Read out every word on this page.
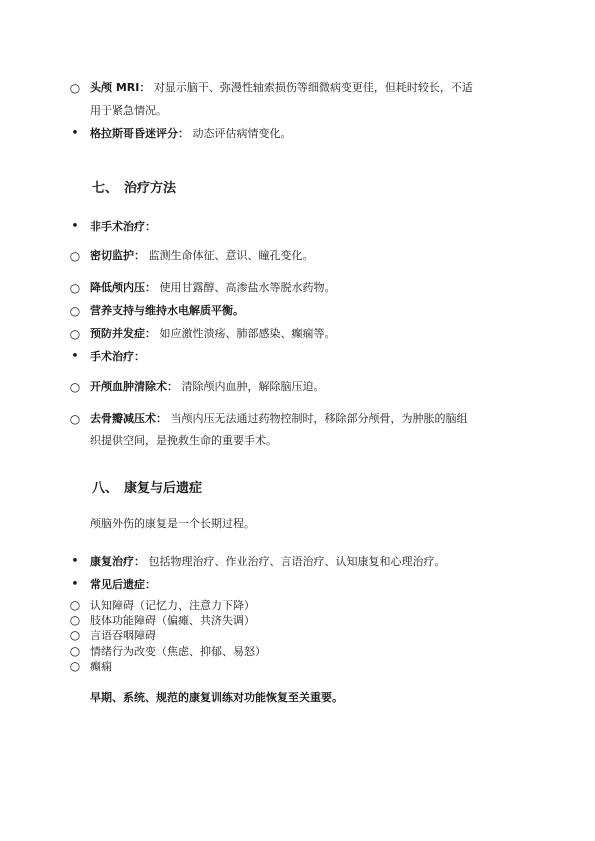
○ 头颅 MRI： 对显示脑干、弥漫性轴索损伤等细微病变更佳，但耗时较长，不适
用于紧急情况。
• 格拉斯哥昏迷评分： 动态评估病情变化。
七、 治疗方法
• 非手术治疗：
○ 密切监护： 监测生命体征、意识、瞳孔变化。
○ 降低颅内压： 使用甘露醇、高渗盐水等脱水药物。
○ 营养支持与维持水电解质平衡。
○ 预防并发症： 如应激性溃疡、肺部感染、癫痫等。
• 手术治疗：
○ 开颅血肿清除术： 清除颅内血肿，解除脑压迫。
○ 去骨瓣减压术： 当颅内压无法通过药物控制时，移除部分颅骨，为肿胀的脑组
织提供空间，是挽救生命的重要手术。
八、 康复与后遗症
颅脑外伤的康复是一个长期过程。
• 康复治疗： 包括物理治疗、作业治疗、言语治疗、认知康复和心理治疗。
• 常见后遗症：
○ 认知障碍（记忆力、注意力下降）
○ 肢体功能障碍（偏瘫、共济失调）
○ 言语吞咽障碍
○ 情绪行为改变（焦虑、抑郁、易怒）
○ 癫痫
早期、系统、规范的康复训练对功能恢复至关重要。
